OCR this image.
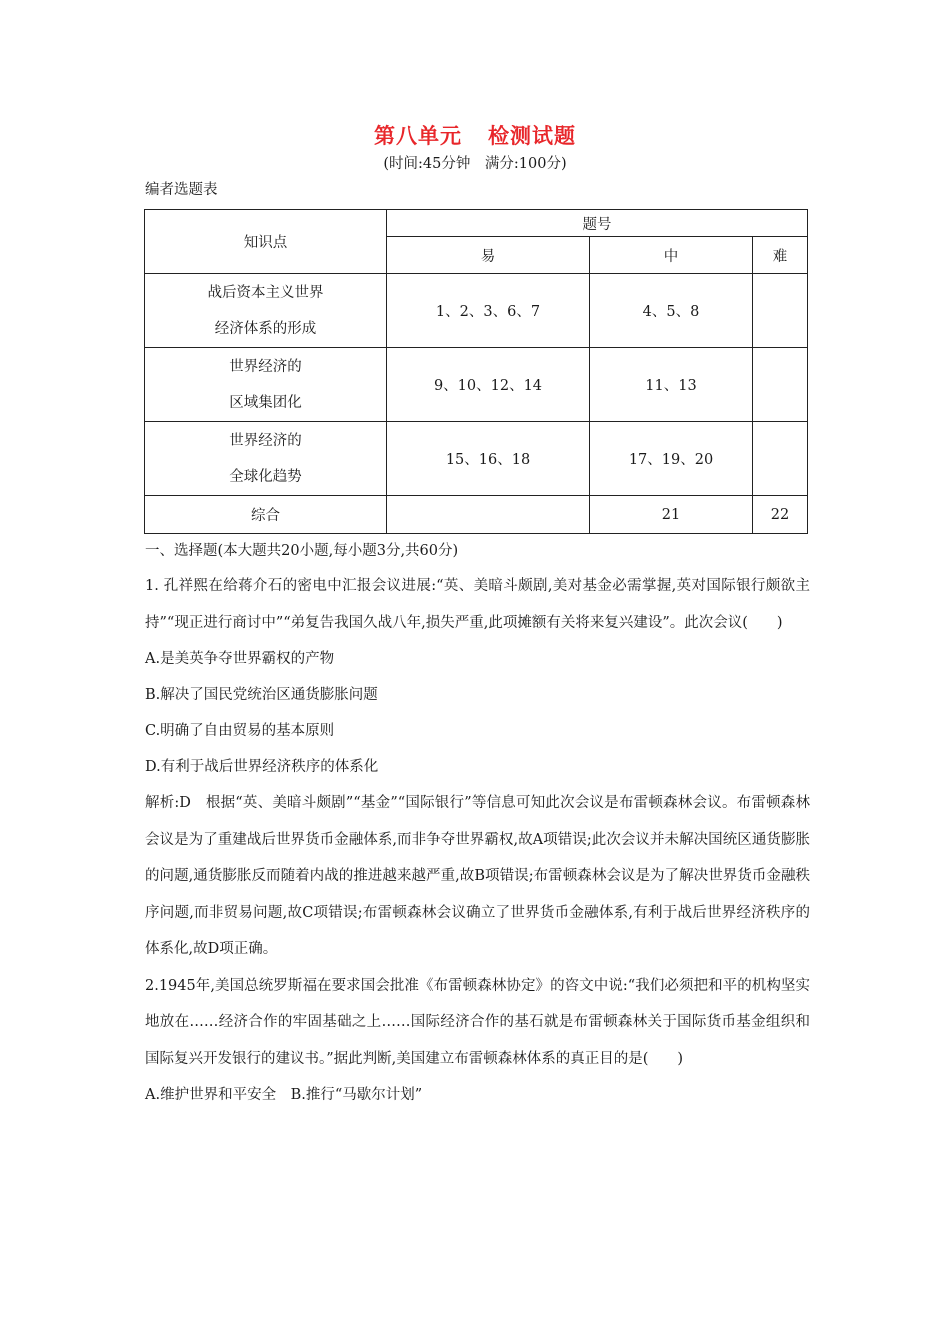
第八单元 检测试题
(时间:45分钟　满分:100分)
编者选题表
知识点	题号		
	易	中	难

战后资本主义世界
经济体系的形成	1、2、3、6、7	4、5、8	

世界经济的
区域集团化	9、10、12、14	11、13	

世界经济的
全球化趋势	15、16、18	17、19、20	
综合		21	22
一、选择题(本大题共20小题,每小题3分,共60分)
1. 孔祥熙在给蒋介石的密电中汇报会议进展:“英、美暗斗颇剧,美对基金必需掌握,英对国际银行颇欲主持”“现正进行商讨中”“弟复告我国久战八年,损失严重,此项摊额有关将来复兴建设”。此次会议(　　)
A.是美英争夺世界霸权的产物
B.解决了国民党统治区通货膨胀问题
C.明确了自由贸易的基本原则
D.有利于战后世界经济秩序的体系化
解析:D　根据“英、美暗斗颇剧”“基金”“国际银行”等信息可知此次会议是布雷顿森林会议。布雷顿森林会议是为了重建战后世界货币金融体系,而非争夺世界霸权,故A项错误;此次会议并未解决国统区通货膨胀的问题,通货膨胀反而随着内战的推进越来越严重,故B项错误;布雷顿森林会议是为了解决世界货币金融秩序问题,而非贸易问题,故C项错误;布雷顿森林会议确立了世界货币金融体系,有利于战后世界经济秩序的体系化,故D项正确。
2.1945年,美国总统罗斯福在要求国会批准《布雷顿森林协定》的咨文中说:“我们必须把和平的机构坚实地放在……经济合作的牢固基础之上……国际经济合作的基石就是布雷顿森林关于国际货币基金组织和国际复兴开发银行的建议书。”据此判断,美国建立布雷顿森林体系的真正目的是(　　)
A.维护世界和平安全　B.推行“马歇尔计划”
